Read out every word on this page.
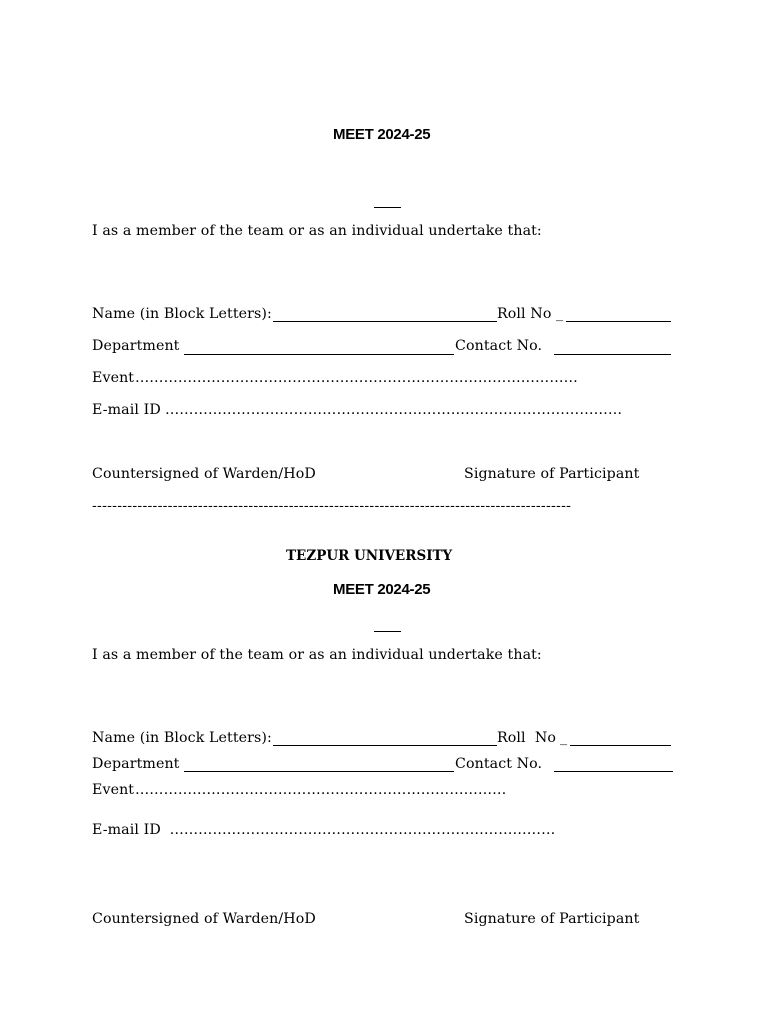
MEET 2024-25
I as a member of the team or as an individual undertake that:
Name (in Block Letters):	Roll No _
Department	Contact No.
Event …………………………………………………………………………………
E-mail ID ……………………………………………………………………………………
Countersigned of Warden/HoD	Signature of Participant
-----------------------------------------------------------------------------------------------
TEZPUR UNIVERSITY
MEET 2024-25
I as a member of the team or as an individual undertake that:
Name (in Block Letters):	Roll  No _
Department	Contact No.
Event ……………………………………………………………………
E-mail ID ………………………………………………………………………
Countersigned of Warden/HoD	Signature of Participant
